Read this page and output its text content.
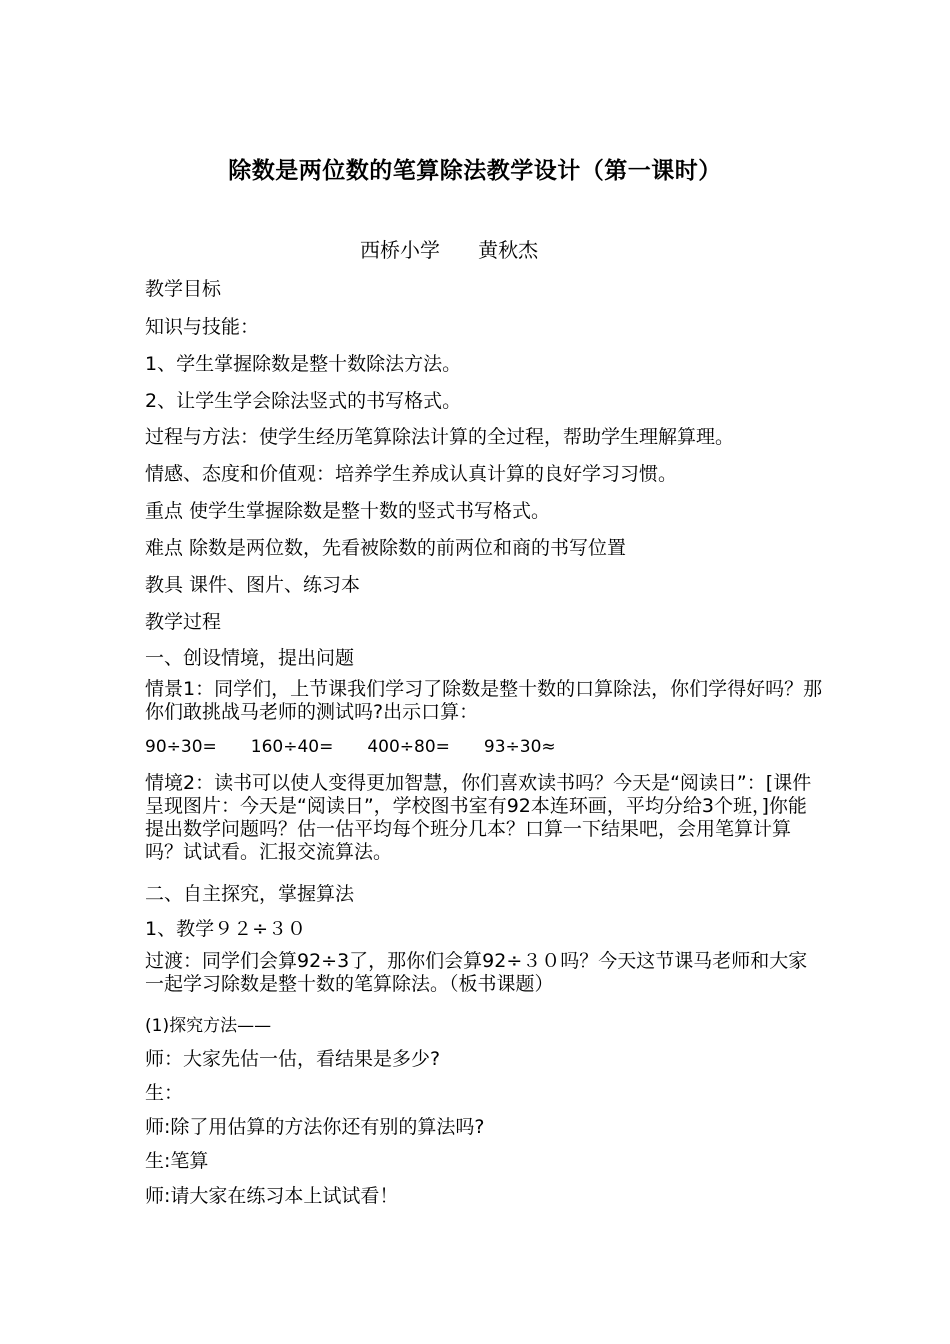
除数是两位数的笔算除法教学设计（第一课时）
西桥小学      黄秋杰
教学目标
知识与技能：
1、学生掌握除数是整十数除法方法。
2、让学生学会除法竖式的书写格式。
过程与方法：使学生经历笔算除法计算的全过程，帮助学生理解算理。
情感、态度和价值观：培养学生养成认真计算的良好学习习惯。
重点 使学生掌握除数是整十数的竖式书写格式。
难点 除数是两位数，先看被除数的前两位和商的书写位置
教具 课件、图片、练习本
教学过程
一、创设情境，提出问题
情景1：同学们，上节课我们学习了除数是整十数的口算除法，你们学得好吗？那你们敢挑战马老师的测试吗?出示口算：
90÷30= 160÷40= 400÷80= 93÷30≈
情境2：读书可以使人变得更加智慧，你们喜欢读书吗？今天是“阅读日”：[课件呈现图片：今天是“阅读日”，学校图书室有92本连环画，平均分给3个班，]你能提出数学问题吗？估一估平均每个班分几本？口算一下结果吧，会用笔算计算吗？试试看。汇报交流算法。
二、自主探究，掌握算法
1、教学９２÷３０
过渡：同学们会算92÷3了，那你们会算92÷３０吗？今天这节课马老师和大家一起学习除数是整十数的笔算除法。（板书课题）
(1)探究方法——
师：大家先估一估，看结果是多少?
生：
师:除了用估算的方法你还有别的算法吗?
生:笔算
师:请大家在练习本上试试看！
